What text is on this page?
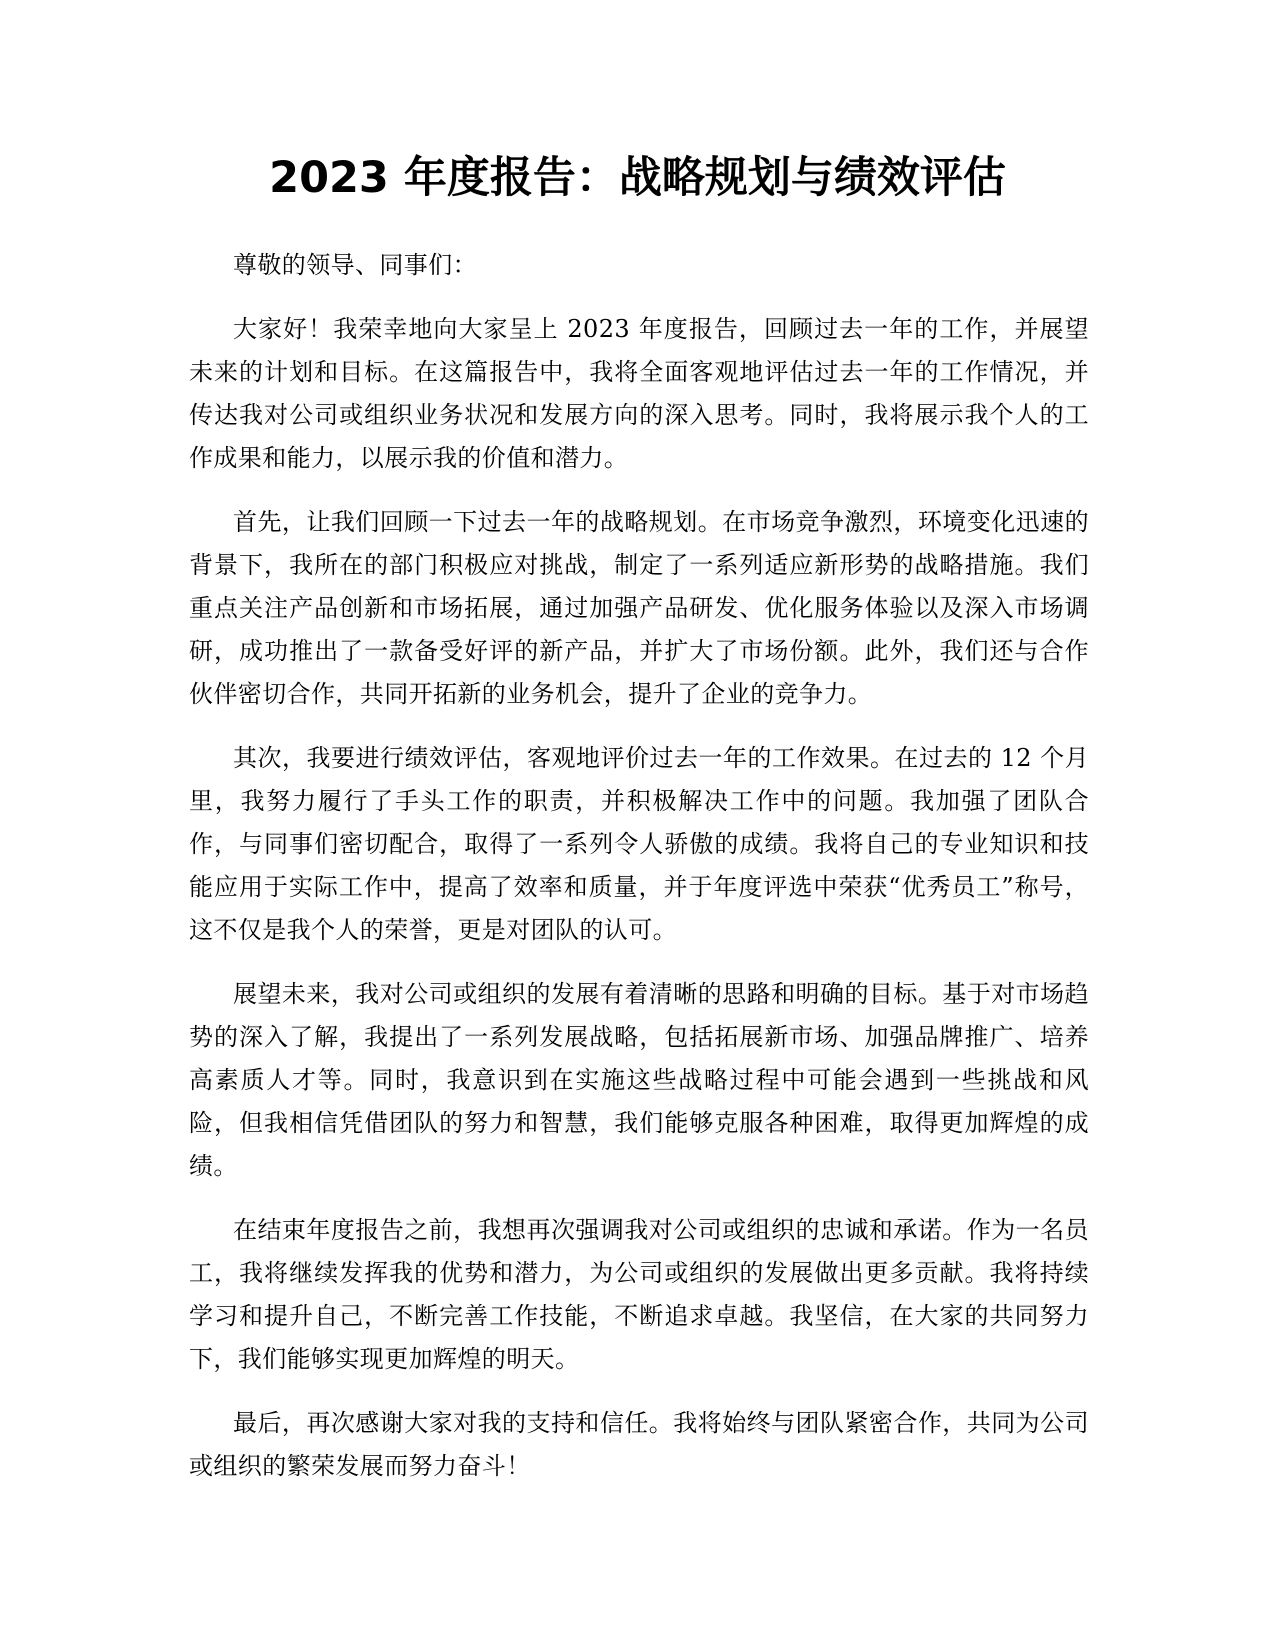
2023 年度报告：战略规划与绩效评估

尊敬的领导、同事们：

大家好！我荣幸地向大家呈上 2023 年度报告，回顾过去一年的工作，并展望未来的计划和目标。在这篇报告中，我将全面客观地评估过去一年的工作情况，并传达我对公司或组织业务状况和发展方向的深入思考。同时，我将展示我个人的工作成果和能力，以展示我的价值和潜力。

首先，让我们回顾一下过去一年的战略规划。在市场竞争激烈，环境变化迅速的背景下，我所在的部门积极应对挑战，制定了一系列适应新形势的战略措施。我们重点关注产品创新和市场拓展，通过加强产品研发、优化服务体验以及深入市场调研，成功推出了一款备受好评的新产品，并扩大了市场份额。此外，我们还与合作伙伴密切合作，共同开拓新的业务机会，提升了企业的竞争力。

其次，我要进行绩效评估，客观地评价过去一年的工作效果。在过去的 12 个月里，我努力履行了手头工作的职责，并积极解决工作中的问题。我加强了团队合作，与同事们密切配合，取得了一系列令人骄傲的成绩。我将自己的专业知识和技能应用于实际工作中，提高了效率和质量，并于年度评选中荣获“优秀员工”称号，这不仅是我个人的荣誉，更是对团队的认可。

展望未来，我对公司或组织的发展有着清晰的思路和明确的目标。基于对市场趋势的深入了解，我提出了一系列发展战略，包括拓展新市场、加强品牌推广、培养高素质人才等。同时，我意识到在实施这些战略过程中可能会遇到一些挑战和风险，但我相信凭借团队的努力和智慧，我们能够克服各种困难，取得更加辉煌的成绩。

在结束年度报告之前，我想再次强调我对公司或组织的忠诚和承诺。作为一名员工，我将继续发挥我的优势和潜力，为公司或组织的发展做出更多贡献。我将持续学习和提升自己，不断完善工作技能，不断追求卓越。我坚信，在大家的共同努力下，我们能够实现更加辉煌的明天。

最后，再次感谢大家对我的支持和信任。我将始终与团队紧密合作，共同为公司或组织的繁荣发展而努力奋斗！
